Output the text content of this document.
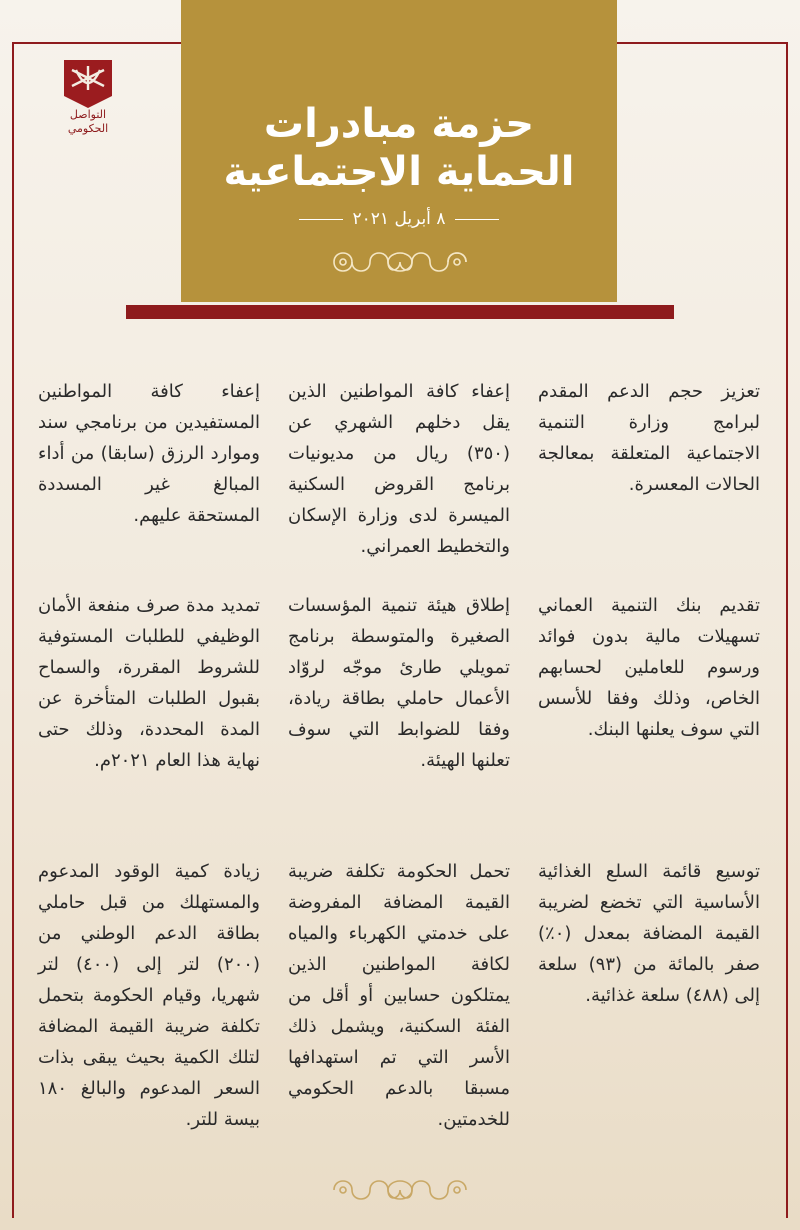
حزمة مبادرات
الحماية الاجتماعية
٨ أبريل ٢٠٢١
التواصل
الحكومي

تعزيز حجم الدعم المقدم لبرامج وزارة التنمية الاجتماعية المتعلقة بمعالجة الحالات المعسرة.

إعفاء كافة المواطنين الذين يقل دخلهم الشهري عن (٣٥٠) ريال من مديونيات برنامج القروض السكنية الميسرة لدى وزارة الإسكان والتخطيط العمراني.

إعفاء كافة المواطنين المستفيدين من برنامجي سند وموارد الرزق (سابقا) من أداء المبالغ غير المسددة المستحقة عليهم.

تقديم بنك التنمية العماني تسهيلات مالية بدون فوائد ورسوم للعاملين لحسابهم الخاص، وذلك وفقا للأسس التي سوف يعلنها البنك.

إطلاق هيئة تنمية المؤسسات الصغيرة والمتوسطة برنامج تمويلي طارئ موجّه لروّاد الأعمال حاملي بطاقة ريادة، وفقا للضوابط التي سوف تعلنها الهيئة.

تمديد مدة صرف منفعة الأمان الوظيفي للطلبات المستوفية للشروط المقررة، والسماح بقبول الطلبات المتأخرة عن المدة المحددة، وذلك حتى نهاية هذا العام ٢٠٢١م.

توسيع قائمة السلع الغذائية الأساسية التي تخضع لضريبة القيمة المضافة بمعدل (٠٪) صفر بالمائة من (٩٣) سلعة إلى (٤٨٨) سلعة غذائية.

تحمل الحكومة تكلفة ضريبة القيمة المضافة المفروضة على خدمتي الكهرباء والمياه لكافة المواطنين الذين يمتلكون حسابين أو أقل من الفئة السكنية، ويشمل ذلك الأسر التي تم استهدافها مسبقا بالدعم الحكومي للخدمتين.

زيادة كمية الوقود المدعوم والمستهلك من قبل حاملي بطاقة الدعم الوطني من (٢٠٠) لتر إلى (٤٠٠) لتر شهريا، وقيام الحكومة بتحمل تكلفة ضريبة القيمة المضافة لتلك الكمية بحيث يبقى بذات السعر المدعوم والبالغ ١٨٠ بيسة للتر.
